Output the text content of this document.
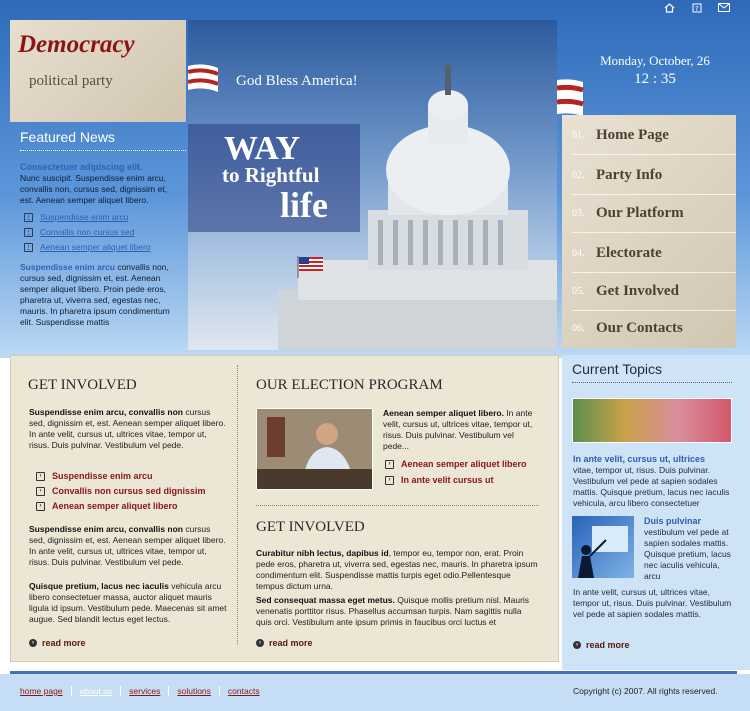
?
Democracy
political party	God Bless America!
WAY
to Rightful
life
Monday, October, 26
12 : 35
01. Home Page
02. Party Info
03. Our Platform
04. Electorate
05. Get Involved
06. Our Contacts
Featured News
Consectetuer adipiscing elit.
Nunc suscipit. Suspendisse enim arcu, convallis non, cursus sed, dignissim et, est. Aenean semper aliquet libero.
›	Suspendisse enim arcu
›	Convallis non cursus sed
›	Aenean semper aliquet libero
Suspendisse enim arcu convallis non, cursus sed, dignissim et, est. Aenean semper aliquet libero. Proin pede eros, pharetra ut, viverra sed, egestas nec, mauris. In pharetra ipsum condimentum elit. Suspendisse mattis
GET INVOLVED
Suspendisse enim arcu, convallis non cursus sed, dignissim et, est. Aenean semper aliquet libero. In ante velit, cursus ut, ultrices vitae, tempor ut, risus. Duis pulvinar. Vestibulum vel pede.
›	Suspendisse enim arcu
›	Convallis non cursus sed dignissim
›	Aenean semper aliquet libero
Suspendisse enim arcu, convallis non cursus sed, dignissim et, est. Aenean semper aliquet libero. In ante velit, cursus ut, ultrices vitae, tempor ut, risus. Duis pulvinar. Vestibulum vel pede.
Quisque pretium, lacus nec iaculis vehicula arcu libero consectetuer massa, auctor aliquet mauris ligula id ipsum. Vestibulum pede. Maecenas sit amet augue. Sed blandit lectus eget lectus.
› read more
OUR ELECTION PROGRAM
Aenean semper aliquet libero. In ante velit, cursus ut, ultrices vitae, tempor ut, risus. Duis pulvinar. Vestibulum vel pede...
›	Aenean semper aliquet libero
›	In ante velit cursus ut
GET INVOLVED
Curabitur nibh lectus, dapibus id, tempor eu, tempor non, erat. Proin pede eros, pharetra ut, viverra sed, egestas nec, mauris. In pharetra ipsum condimentum elit. Suspendisse mattis turpis eget odio.Pellentesque tempus dictum urna.
Sed consequat massa eget metus. Quisque mollis pretium nisl. Mauris venenatis porttitor risus. Phasellus accumsan turpis. Nam sagittis nulla quis orci. Vestibulum ante ipsum primis in faucibus orci luctus et
› read more
Current Topics
In ante velit, cursus ut, ultrices
vitae, tempor ut, risus. Duis pulvinar. Vestibulum vel pede at sapien sodales mattis. Quisque pretium, lacus nec iaculis vehicula, arcu libero consectetuer
Duis pulvinar
vestibulum vel pede at sapien sodales mattis. Quisque pretium, lacus nec iaculis vehicula, arcu
In ante velit, cursus ut, ultrices vitae, tempor ut, risus. Duis pulvinar. Vestibulum vel pede at sapien sodales mattis.
› read more
home page	about us	services	solutions	contacts	Copyright (c) 2007. All rights reserved.
